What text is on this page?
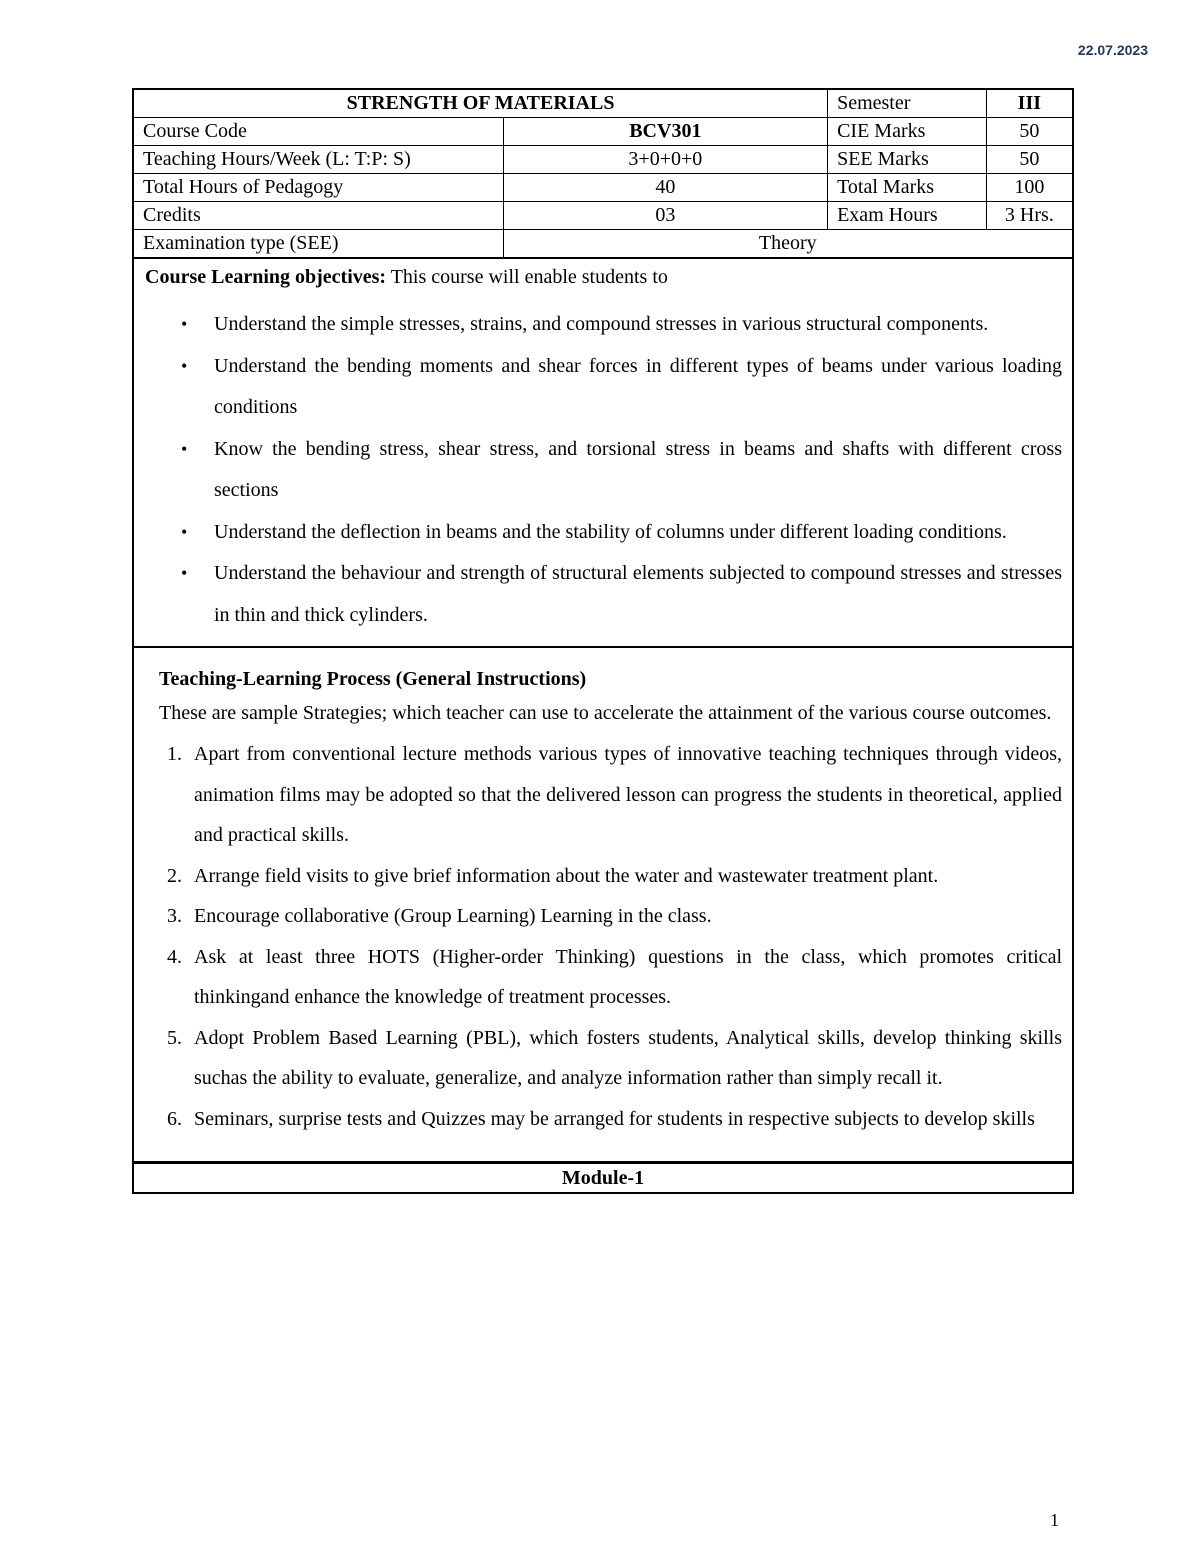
22.07.2023
STRENGTH OF MATERIALS		Semester	III
Course Code	BCV301	CIE Marks	50
Teaching Hours/Week (L: T:P: S)	3+0+0+0	SEE Marks	50
Total Hours of Pedagogy	40	Total Marks	100
Credits	03	Exam Hours	3 Hrs.
Examination type (SEE)	Theory		
Course Learning objectives: This course will enable students to
• Understand the simple stresses, strains, and compound stresses in various structural components.
• Understand the bending moments and shear forces in different types of beams under various loading conditions
• Know the bending stress, shear stress, and torsional stress in beams and shafts with different cross sections
• Understand the deflection in beams and the stability of columns under different loading conditions.
• Understand the behaviour and strength of structural elements subjected to compound stresses and stresses in thin and thick cylinders.
Teaching-Learning Process (General Instructions)
These are sample Strategies; which teacher can use to accelerate the attainment of the various course outcomes.
1. Apart from conventional lecture methods various types of innovative teaching techniques through videos, animation films may be adopted so that the delivered lesson can progress the students in theoretical, applied and practical skills.
2. Arrange field visits to give brief information about the water and wastewater treatment plant.
3. Encourage collaborative (Group Learning) Learning in the class.
4. Ask at least three HOTS (Higher-order Thinking) questions in the class, which promotes critical thinkingand enhance the knowledge of treatment processes.
5. Adopt Problem Based Learning (PBL), which fosters students, Analytical skills, develop thinking skills suchas the ability to evaluate, generalize, and analyze information rather than simply recall it.
6. Seminars, surprise tests and Quizzes may be arranged for students in respective subjects to develop skills
Module-1
1
